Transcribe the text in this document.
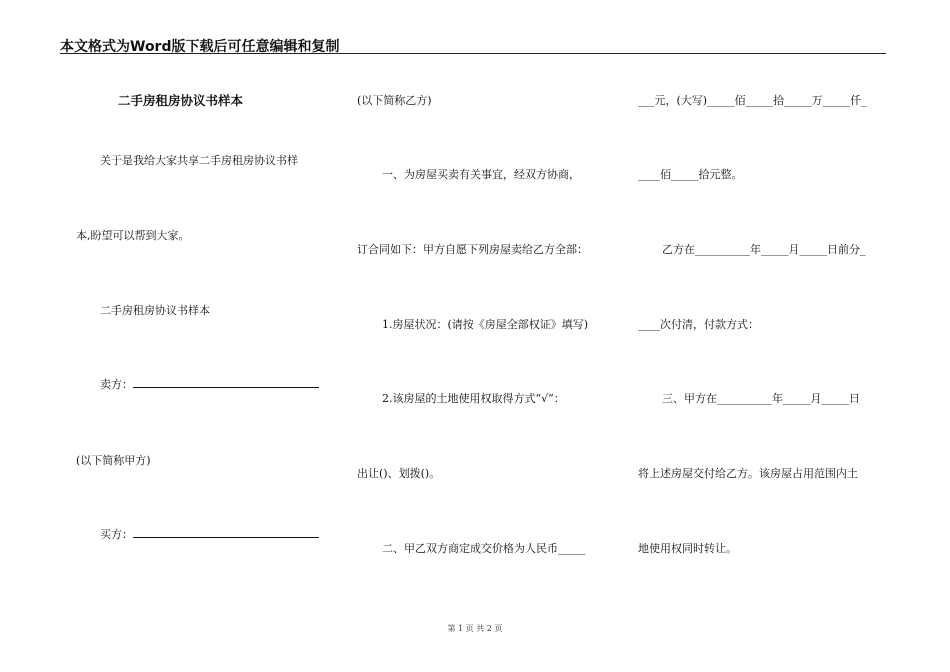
本文格式为Word版下载后可任意编辑和复制
二手房租房协议书样本
关于是我给大家共享二手房租房协议书样
本,盼望可以帮到大家。
二手房租房协议书样本
卖方：
(以下简称甲方)
买方：
(以下简称乙方)
一、为房屋买卖有关事宜，经双方协商，
订合同如下：甲方自愿下列房屋卖给乙方全部：
1.房屋状况：(请按《房屋全部权证》填写)
2.该房屋的土地使用权取得方式“√”：
出让()、划拨()。
二、甲乙双方商定成交价格为人民币_____
___元，(大写)_____佰_____拾_____万_____仟_
____佰_____拾元整。
乙方在__________年_____月_____日前分_
____次付清，付款方式：
三、甲方在__________年_____月_____日
将上述房屋交付给乙方。该房屋占用范围内土
地使用权同时转让。
第 1 页 共 2 页
